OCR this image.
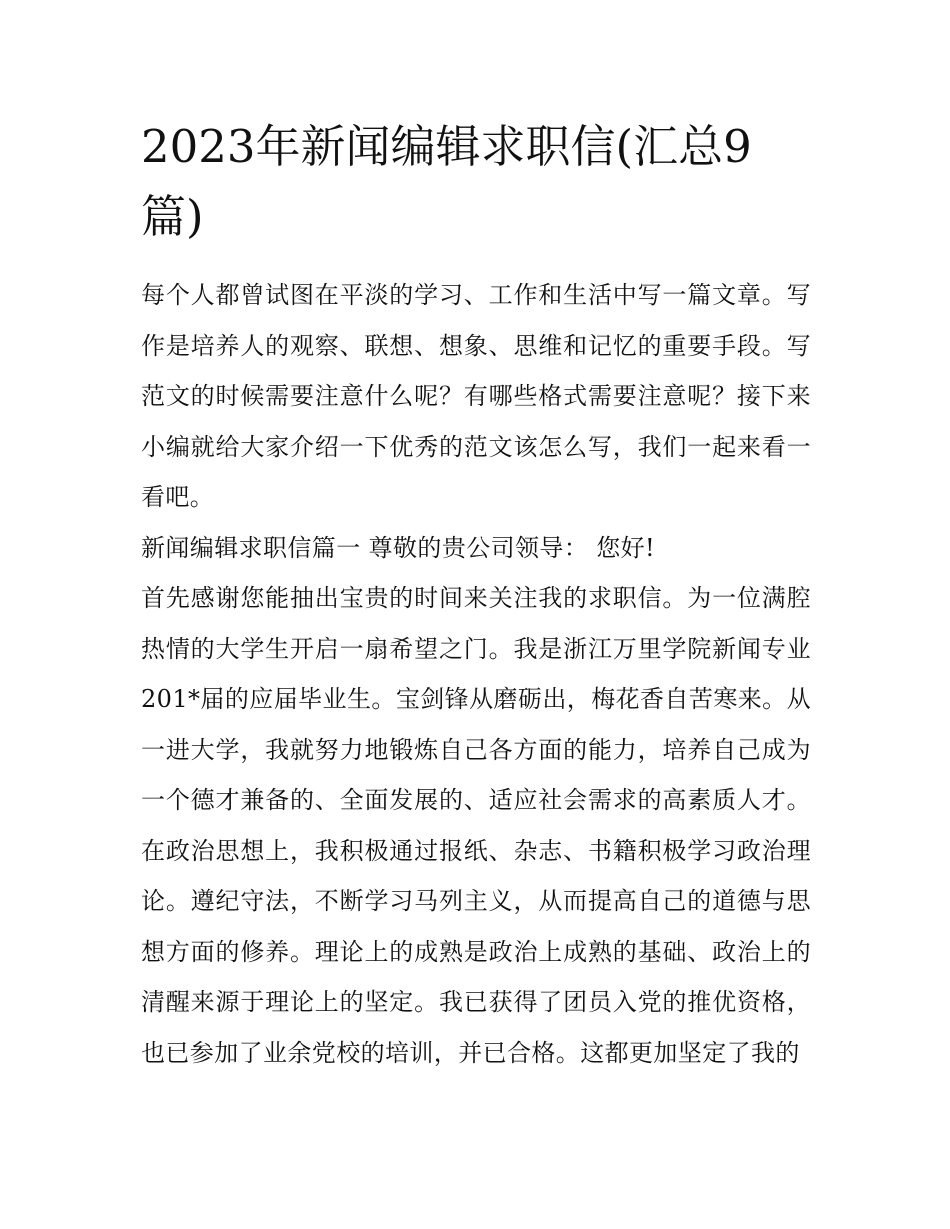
2023年新闻编辑求职信(汇总9篇)

每个人都曾试图在平淡的学习、工作和生活中写一篇文章。写作是培养人的观察、联想、想象、思维和记忆的重要手段。写范文的时候需要注意什么呢？有哪些格式需要注意呢？接下来小编就给大家介绍一下优秀的范文该怎么写，我们一起来看一看吧。

新闻编辑求职信篇一 尊敬的贵公司领导： 您好!

首先感谢您能抽出宝贵的时间来关注我的求职信。为一位满腔热情的大学生开启一扇希望之门。我是浙江万里学院新闻专业201*届的应届毕业生。宝剑锋从磨砺出，梅花香自苦寒来。从一进大学，我就努力地锻炼自己各方面的能力，培养自己成为一个德才兼备的、全面发展的、适应社会需求的高素质人才。在政治思想上，我积极通过报纸、杂志、书籍积极学习政治理论。遵纪守法，不断学习马列主义，从而提高自己的道德与思想方面的修养。理论上的成熟是政治上成熟的基础、政治上的清醒来源于理论上的坚定。我已获得了团员入党的推优资格，也已参加了业余党校的培训，并已合格。这都更加坚定了我的
